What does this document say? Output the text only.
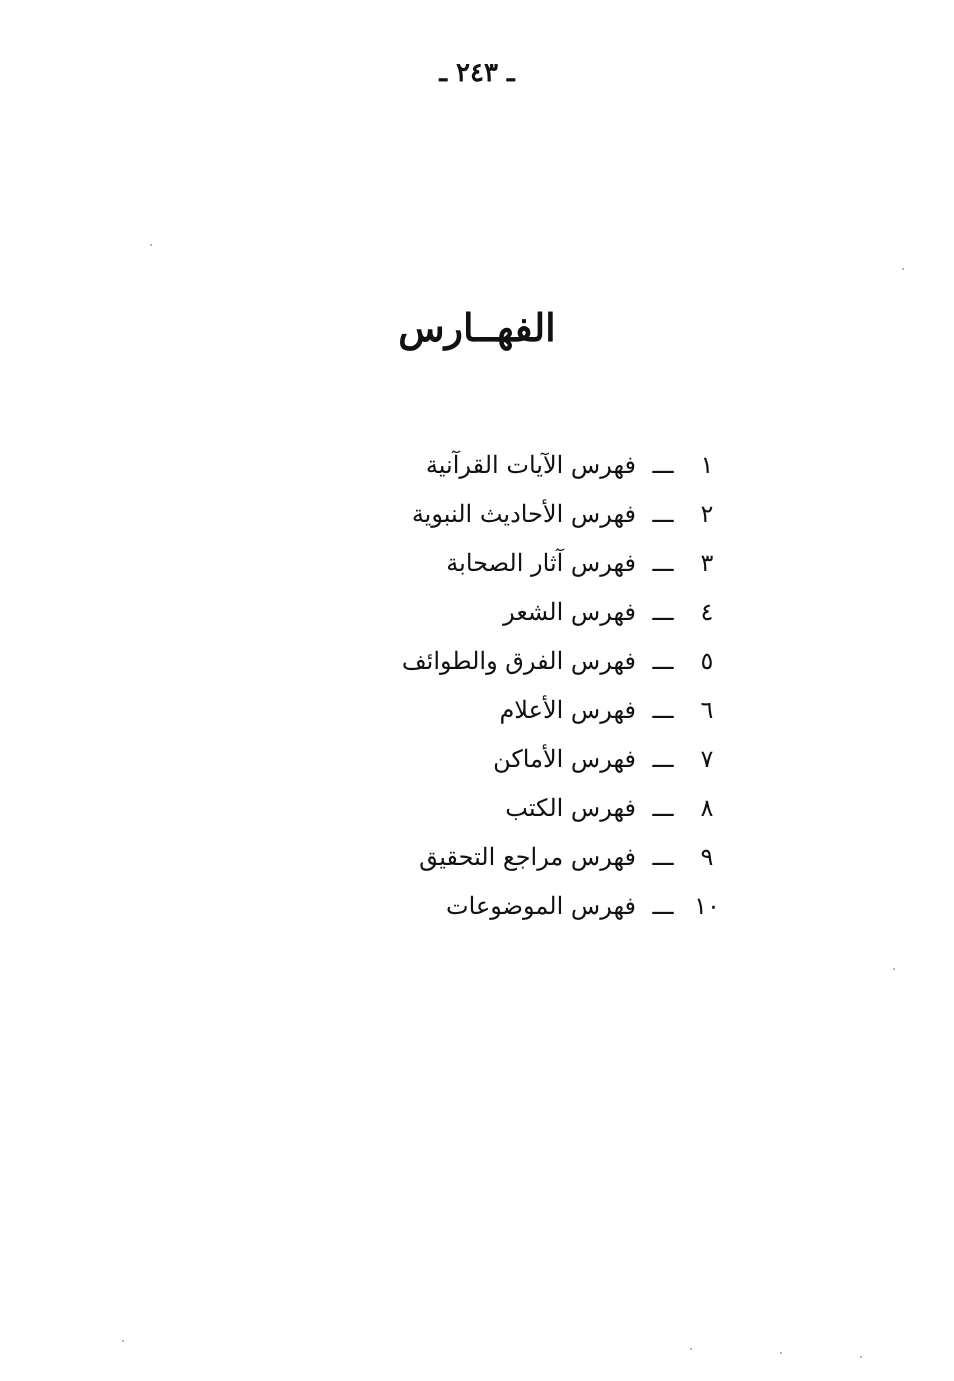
ـ ٢٤٣ ـ
الفهــارس
١
ـــ
فهرس الآيات القرآنية
٢
ـــ
فهرس الأحاديث النبوية
٣
ـــ
فهرس آثار الصحابة
٤
ـــ
فهرس الشعر
٥
ـــ
فهرس الفرق والطوائف
٦
ـــ
فهرس الأعلام
٧
ـــ
فهرس الأماكن
٨
ـــ
فهرس الكتب
٩
ـــ
فهرس مراجع التحقيق
١٠
ـــ
فهرس الموضوعات
